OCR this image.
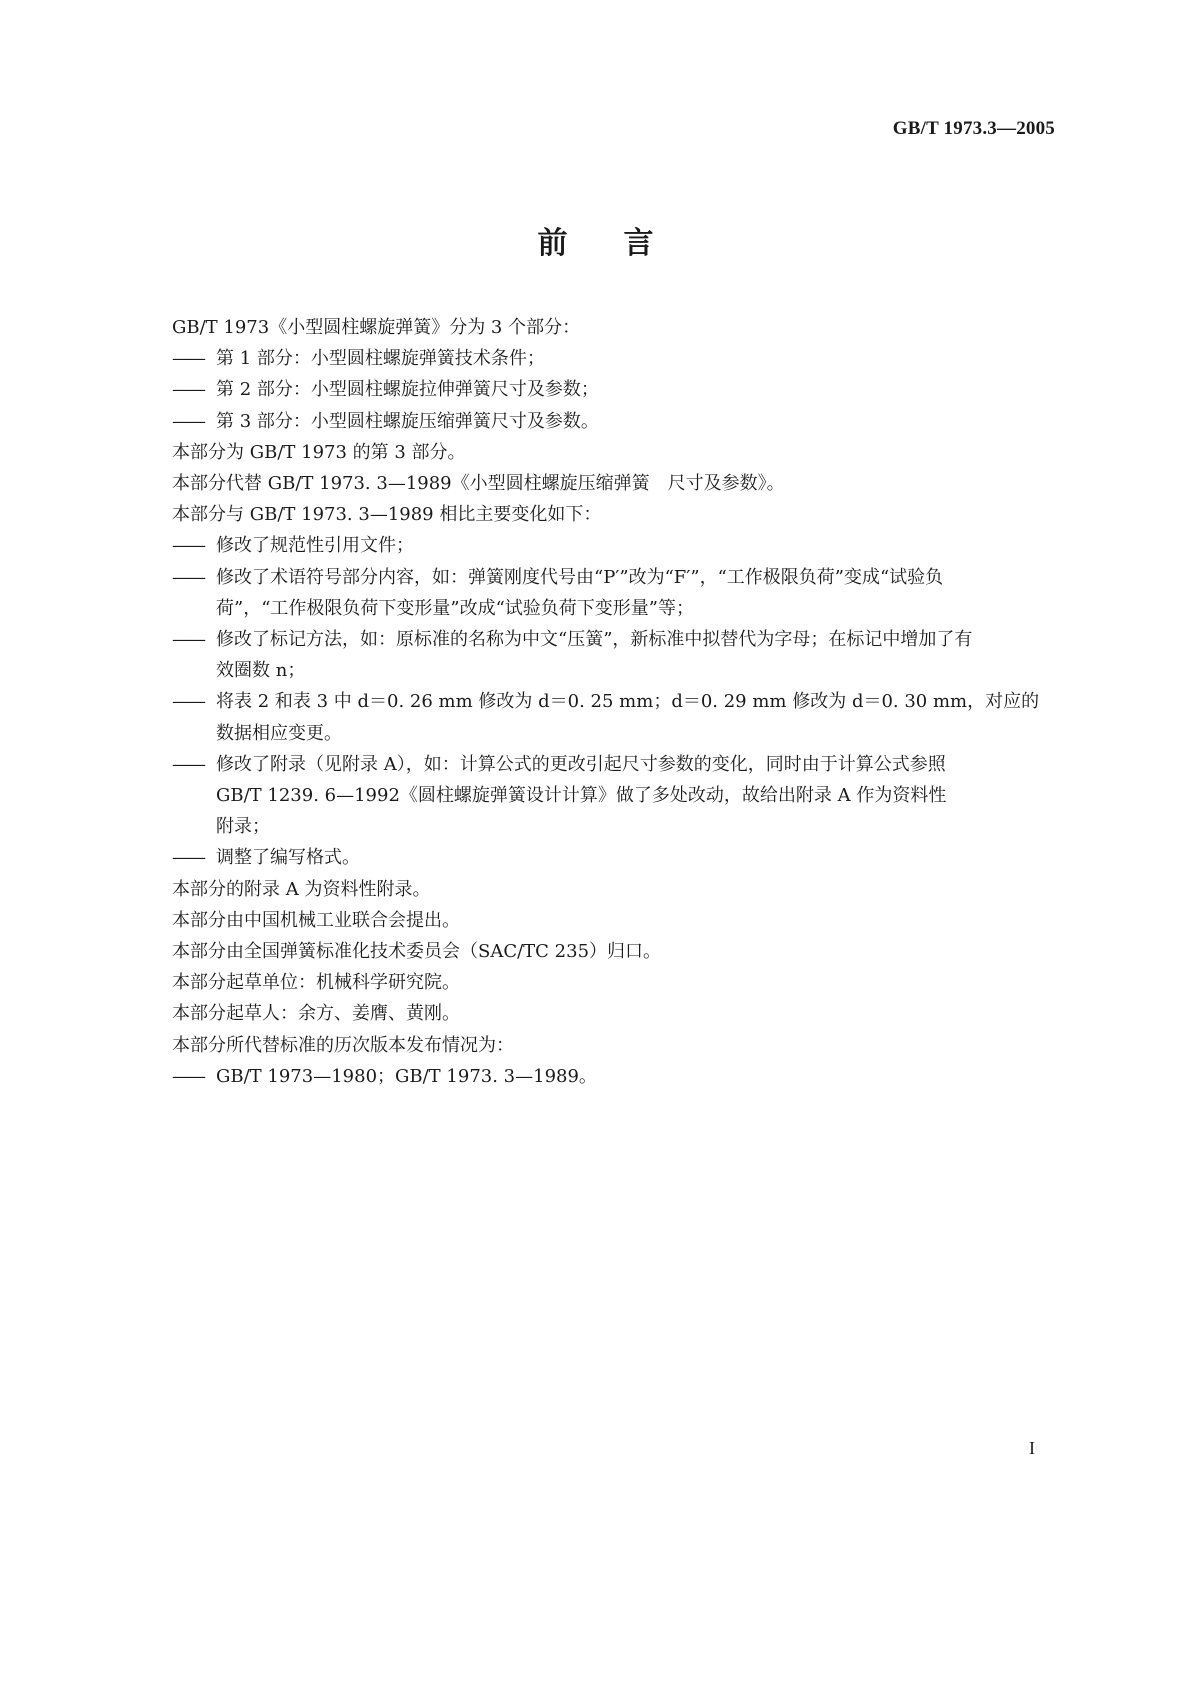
GB/T 1973.3—2005
前言
GB/T 1973《小型圆柱螺旋弹簧》分为 3 个部分：
—— 第 1 部分：小型圆柱螺旋弹簧技术条件；
—— 第 2 部分：小型圆柱螺旋拉伸弹簧尺寸及参数；
—— 第 3 部分：小型圆柱螺旋压缩弹簧尺寸及参数。
本部分为 GB/T 1973 的第 3 部分。
本部分代替 GB/T 1973. 3—1989《小型圆柱螺旋压缩弹簧　尺寸及参数》。
本部分与 GB/T 1973. 3—1989 相比主要变化如下：
—— 修改了规范性引用文件；
—— 修改了术语符号部分内容，如：弹簧刚度代号由“P′”改为“F′”，“工作极限负荷”变成“试验负
荷”，“工作极限负荷下变形量”改成“试验负荷下变形量”等；
—— 修改了标记方法，如：原标准的名称为中文“压簧”，新标准中拟替代为字母；在标记中增加了有
效圈数 n；
—— 将表 2 和表 3 中 d＝0. 26 mm 修改为 d＝0. 25 mm；d＝0. 29 mm 修改为 d＝0. 30 mm，对应的
数据相应变更。
—— 修改了附录（见附录 A），如：计算公式的更改引起尺寸参数的变化，同时由于计算公式参照
GB/T 1239. 6—1992《圆柱螺旋弹簧设计计算》做了多处改动，故给出附录 A 作为资料性
附录；
—— 调整了编写格式。
本部分的附录 A 为资料性附录。
本部分由中国机械工业联合会提出。
本部分由全国弹簧标准化技术委员会（SAC/TC 235）归口。
本部分起草单位：机械科学研究院。
本部分起草人：余方、姜膺、黄刚。
本部分所代替标准的历次版本发布情况为：
—— GB/T 1973—1980；GB/T 1973. 3—1989。
I
